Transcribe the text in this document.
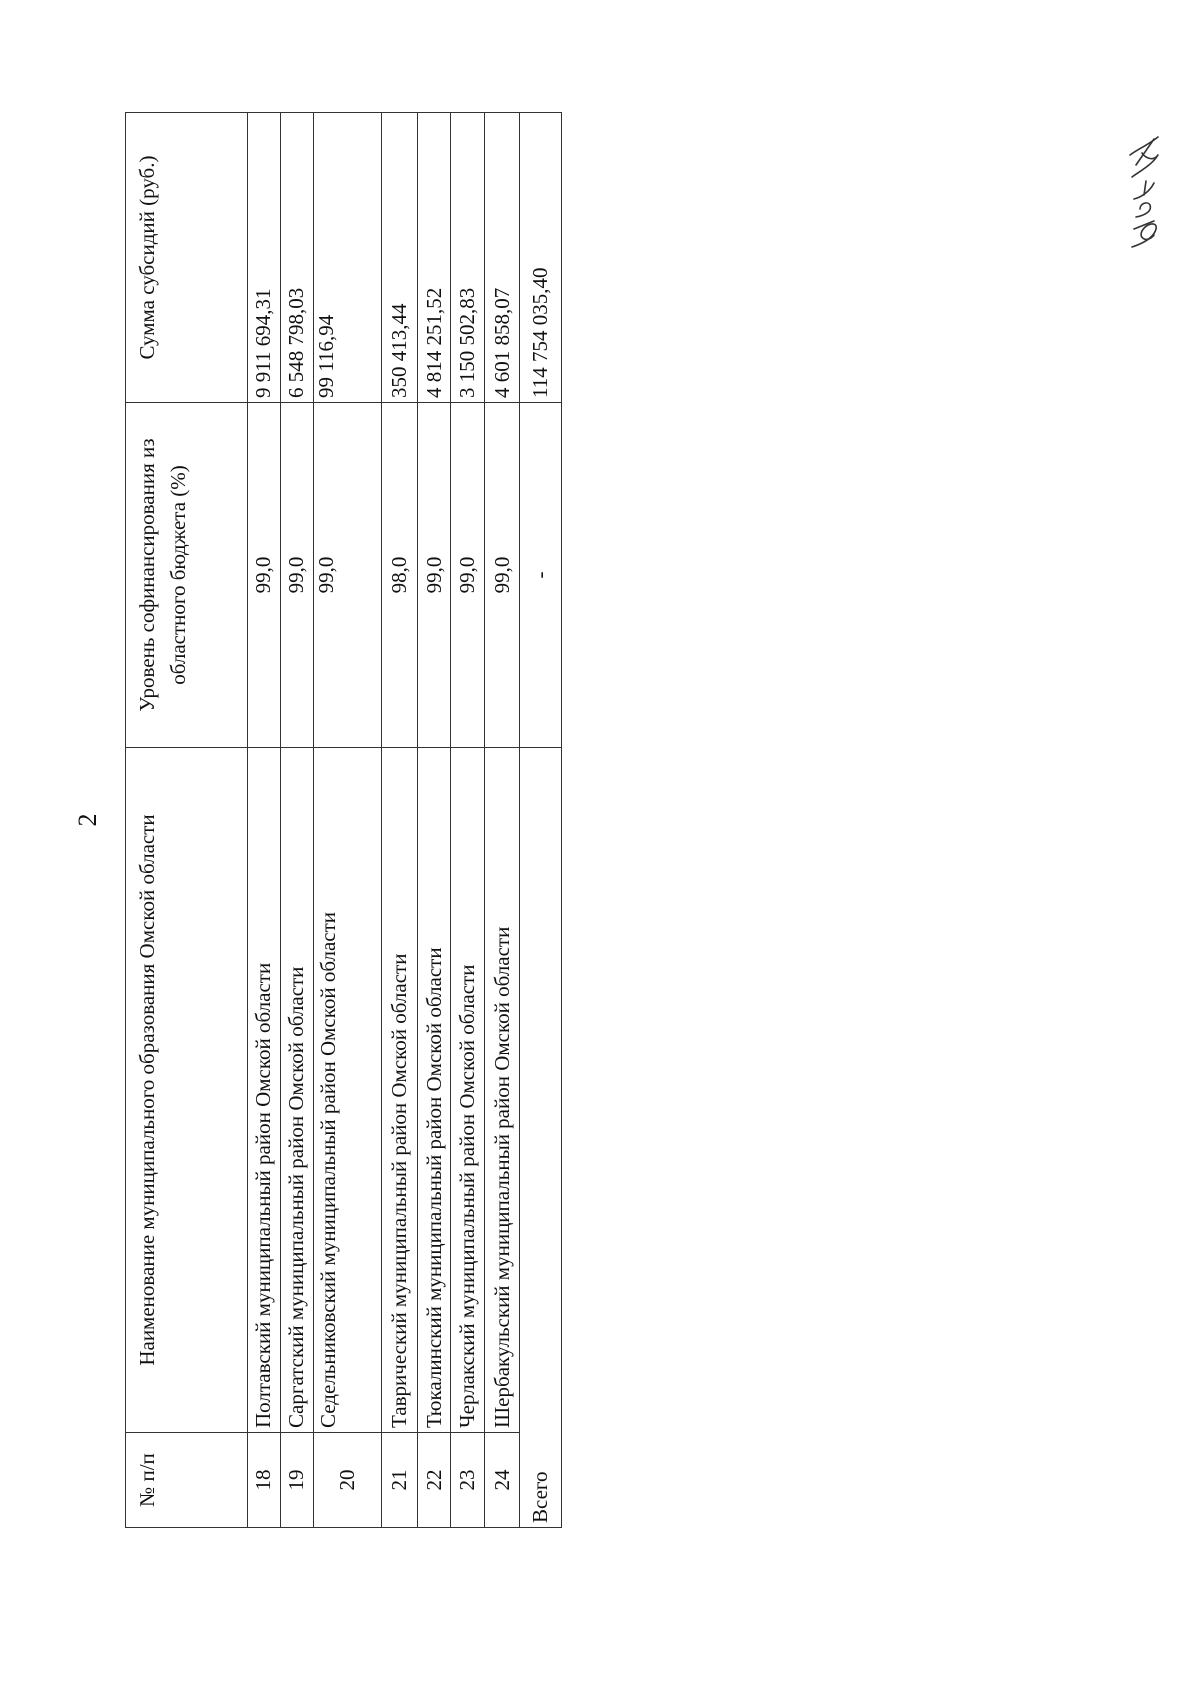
2
№ п/п	Наименование муниципального образования Омской области	Уровень софинансирования из областного бюджета (%)	Сумма субсидий (руб.)
18	Полтавский муниципальный район Омской области	99,0	9 911 694,31
19	Саргатский муниципальный район Омской области	99,0	6 548 798,03
20	Седельниковский муниципальный район Омской области	99,0	99 116,94
21	Таврический муниципальный район Омской области	98,0	350 413,44
22	Тюкалинский муниципальный район Омской области	99,0	4 814 251,52
23	Черлакский муниципальный район Омской области	99,0	3 150 502,83
24	Шербакульский муниципальный район Омской области	99,0	4 601 858,07
Всего		-	114 754 035,40
